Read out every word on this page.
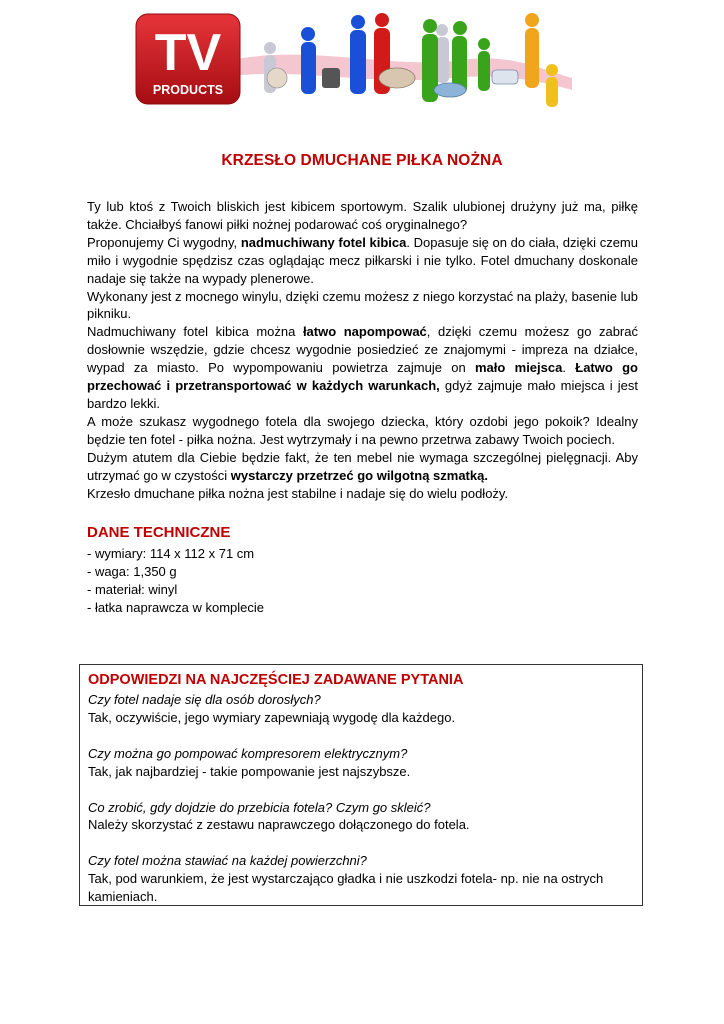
TV
PRODUCTS
KRZESŁO DMUCHANE PIŁKA NOŻNA

Ty lub ktoś z Twoich bliskich jest kibicem sportowym. Szalik ulubionej drużyny już ma, piłkę także. Chciałbyś fanowi piłki nożnej podarować coś oryginalnego?

Proponujemy Ci wygodny, nadmuchiwany fotel kibica. Dopasuje się on do ciała, dzięki czemu miło i wygodnie spędzisz czas oglądając mecz piłkarski i nie tylko. Fotel dmuchany doskonale nadaje się także na wypady plenerowe.

Wykonany jest z mocnego winylu, dzięki czemu możesz z niego korzystać na plaży, basenie lub pikniku.

Nadmuchiwany fotel kibica można łatwo napompować, dzięki czemu możesz go zabrać dosłownie wszędzie, gdzie chcesz wygodnie posiedzieć ze znajomymi - impreza na działce, wypad za miasto. Po wypompowaniu powietrza zajmuje on mało miejsca. Łatwo go przechować i przetransportować w każdych warunkach, gdyż zajmuje mało miejsca i jest bardzo lekki.

A może szukasz wygodnego fotela dla swojego dziecka, który ozdobi jego pokoik? Idealny będzie ten fotel - piłka nożna. Jest wytrzymały i na pewno przetrwa zabawy Twoich pociech.

Dużym atutem dla Ciebie będzie fakt, że ten mebel nie wymaga szczególnej pielęgnacji. Aby utrzymać go w czystości wystarczy przetrzeć go wilgotną szmatką.

Krzesło dmuchane piłka nożna jest stabilne i nadaje się do wielu podłoży.

DANE TECHNICZNE
- wymiary: 114 x 112 x 71 cm
- waga: 1,350 g
- materiał: winyl
- łatka naprawcza w komplecie
ODPOWIEDZI NA NAJCZĘŚCIEJ ZADAWANE PYTANIA
Czy fotel nadaje się dla osób dorosłych?
Tak, oczywiście, jego wymiary zapewniają wygodę dla każdego.
Czy można go pompować kompresorem elektrycznym?
Tak, jak najbardziej - takie pompowanie jest najszybsze.
Co zrobić, gdy dojdzie do przebicia fotela? Czym go skleić?
Należy skorzystać z zestawu naprawczego dołączonego do fotela.
Czy fotel można stawiać na każdej powierzchni?
Tak, pod warunkiem, że jest wystarczająco gładka i nie uszkodzi fotela- np. nie na ostrych kamieniach.
